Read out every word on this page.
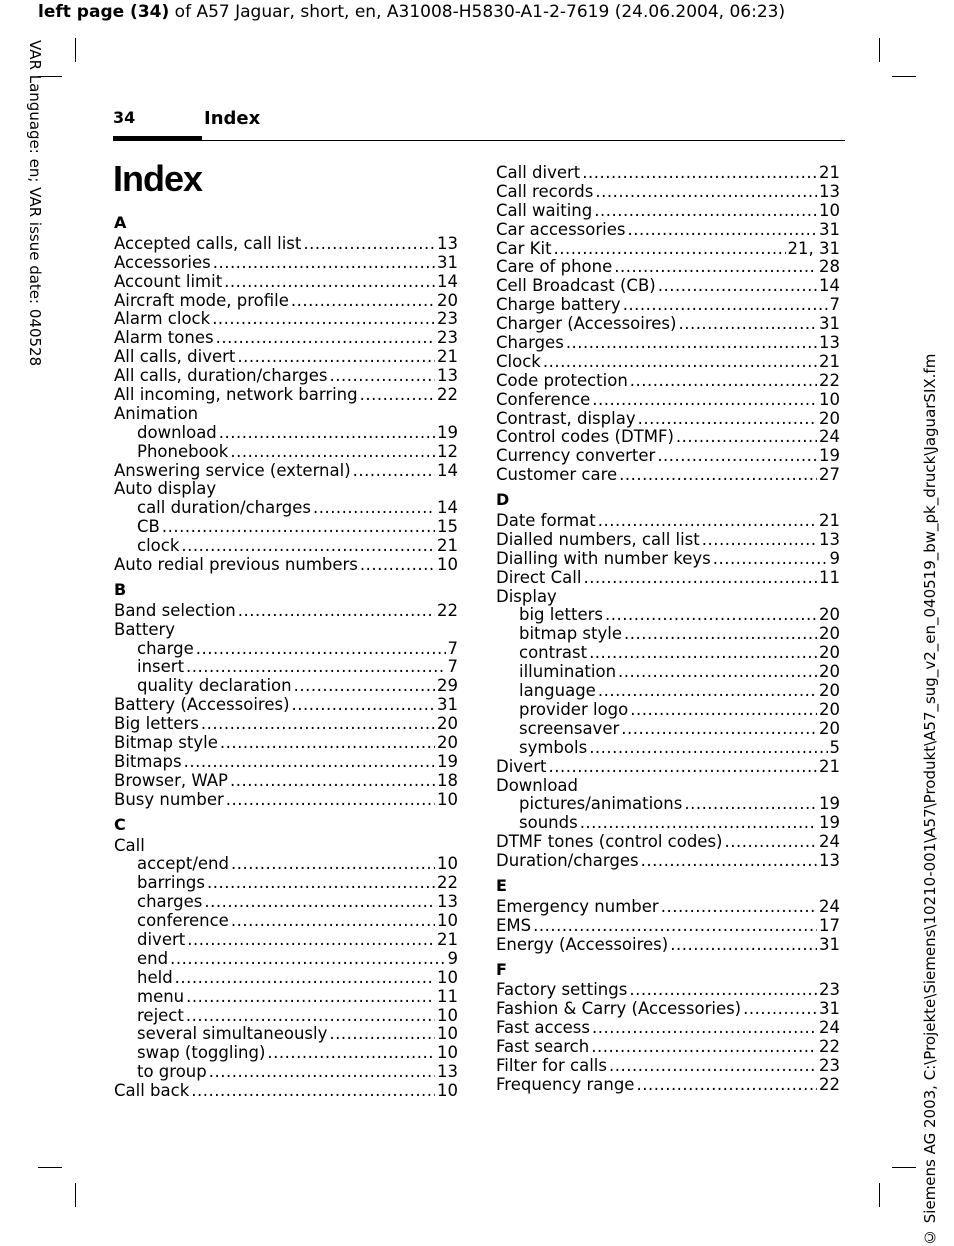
left page (34) of A57 Jaguar, short, en, A31008-H5830-A1-2-7619 (24.06.2004, 06:23)
VAR Language: en; VAR issue date: 040528
© Siemens AG 2003, C:\Projekte\Siemens\10210-001\A57\Produkt\A57_sug_v2_en_040519_bw_pk_druck\JaguarSIX.fm
34	Index
Index
A
Accepted calls, call list .....	13
Accessories .....	31
Account limit .....	14
Aircraft mode, profile .....	20
Alarm clock .....	23
Alarm tones .....	23
All calls, divert .....	21
All calls, duration/charges .....	13
All incoming, network barring .....	22
Animation
download .....	19
Phonebook .....	12
Answering service (external) .....	14
Auto display
call duration/charges .....	14
CB .....	15
clock .....	21
Auto redial previous numbers .....	10
B
Band selection .....	22
Battery
charge .....	7
insert .....	7
quality declaration .....	29
Battery (Accessoires) .....	31
Big letters .....	20
Bitmap style .....	20
Bitmaps .....	19
Browser, WAP .....	18
Busy number .....	10
C
Call
accept/end .....	10
barrings .....	22
charges .....	13
conference .....	10
divert .....	21
end .....	9
held .....	10
menu .....	11
reject .....	10
several simultaneously .....	10
swap (toggling) .....	10
to group .....	13
Call back .....	10
Call divert .....	21
Call records .....	13
Call waiting .....	10
Car accessories .....	31
Car Kit .....	21, 31
Care of phone .....	28
Cell Broadcast (CB) .....	14
Charge battery .....	7
Charger (Accessoires) .....	31
Charges .....	13
Clock .....	21
Code protection .....	22
Conference .....	10
Contrast, display .....	20
Control codes (DTMF) .....	24
Currency converter .....	19
Customer care .....	27
D
Date format .....	21
Dialled numbers, call list .....	13
Dialling with number keys .....	9
Direct Call .....	11
Display
big letters .....	20
bitmap style .....	20
contrast .....	20
illumination .....	20
language .....	20
provider logo .....	20
screensaver .....	20
symbols .....	5
Divert .....	21
Download
pictures/animations .....	19
sounds .....	19
DTMF tones (control codes) .....	24
Duration/charges .....	13
E
Emergency number .....	24
EMS .....	17
Energy (Accessoires) .....	31
F
Factory settings .....	23
Fashion & Carry (Accessories) .....	31
Fast access .....	24
Fast search .....	22
Filter for calls .....	23
Frequency range .....	22
